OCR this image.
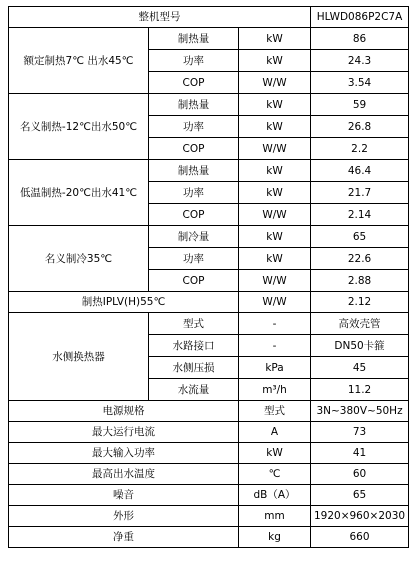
整机型号			HLWD086P2C7A
额定制热7℃ 出水45℃	制热量	kW	86
	功率	kW	24.3
	COP	W/W	3.54
名义制热-12℃出水50℃	制热量	kW	59
	功率	kW	26.8
	COP	W/W	2.2
低温制热-20℃出水41℃	制热量	kW	46.4
	功率	kW	21.7
	COP	W/W	2.14
名义制冷35℃	制冷量	kW	65
	功率	kW	22.6
	COP	W/W	2.88
制热IPLV(H)55℃		W/W	2.12
水侧换热器	型式	-	高效壳管
	水路接口	-	DN50卡箍
	水侧压损	kPa	45
	水流量	m³/h	11.2
电源规格		型式	3N~380V~50Hz
最大运行电流		A	73
最大输入功率		kW	41
最高出水温度		℃	60
噪音		dB（A）	65
外形		mm	1920×960×2030
净重		kg	660
